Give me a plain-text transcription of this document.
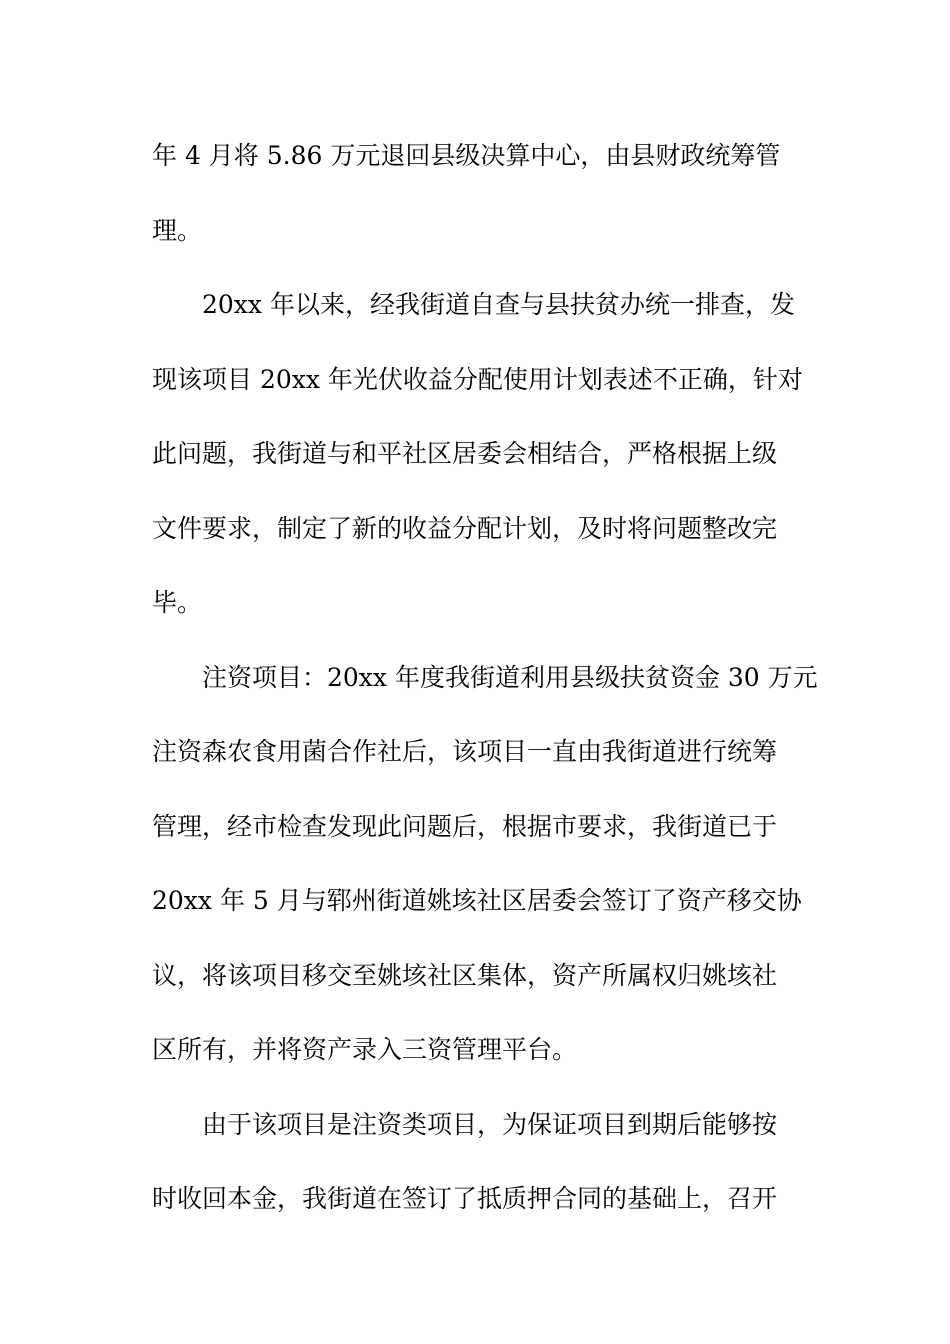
年 4 月将 5.86 万元退回县级决算中心，由县财政统筹管
理。
20xx 年以来，经我街道自查与县扶贫办统一排查，发
现该项目 20xx 年光伏收益分配使用计划表述不正确，针对
此问题，我街道与和平社区居委会相结合，严格根据上级
文件要求，制定了新的收益分配计划，及时将问题整改完
毕。
注资项目：20xx 年度我街道利用县级扶贫资金 30 万元
注资森农食用菌合作社后，该项目一直由我街道进行统筹
管理，经市检查发现此问题后，根据市要求，我街道已于
20xx 年 5 月与郓州街道姚垓社区居委会签订了资产移交协
议，将该项目移交至姚垓社区集体，资产所属权归姚垓社
区所有，并将资产录入三资管理平台。
由于该项目是注资类项目，为保证项目到期后能够按
时收回本金，我街道在签订了抵质押合同的基础上，召开
